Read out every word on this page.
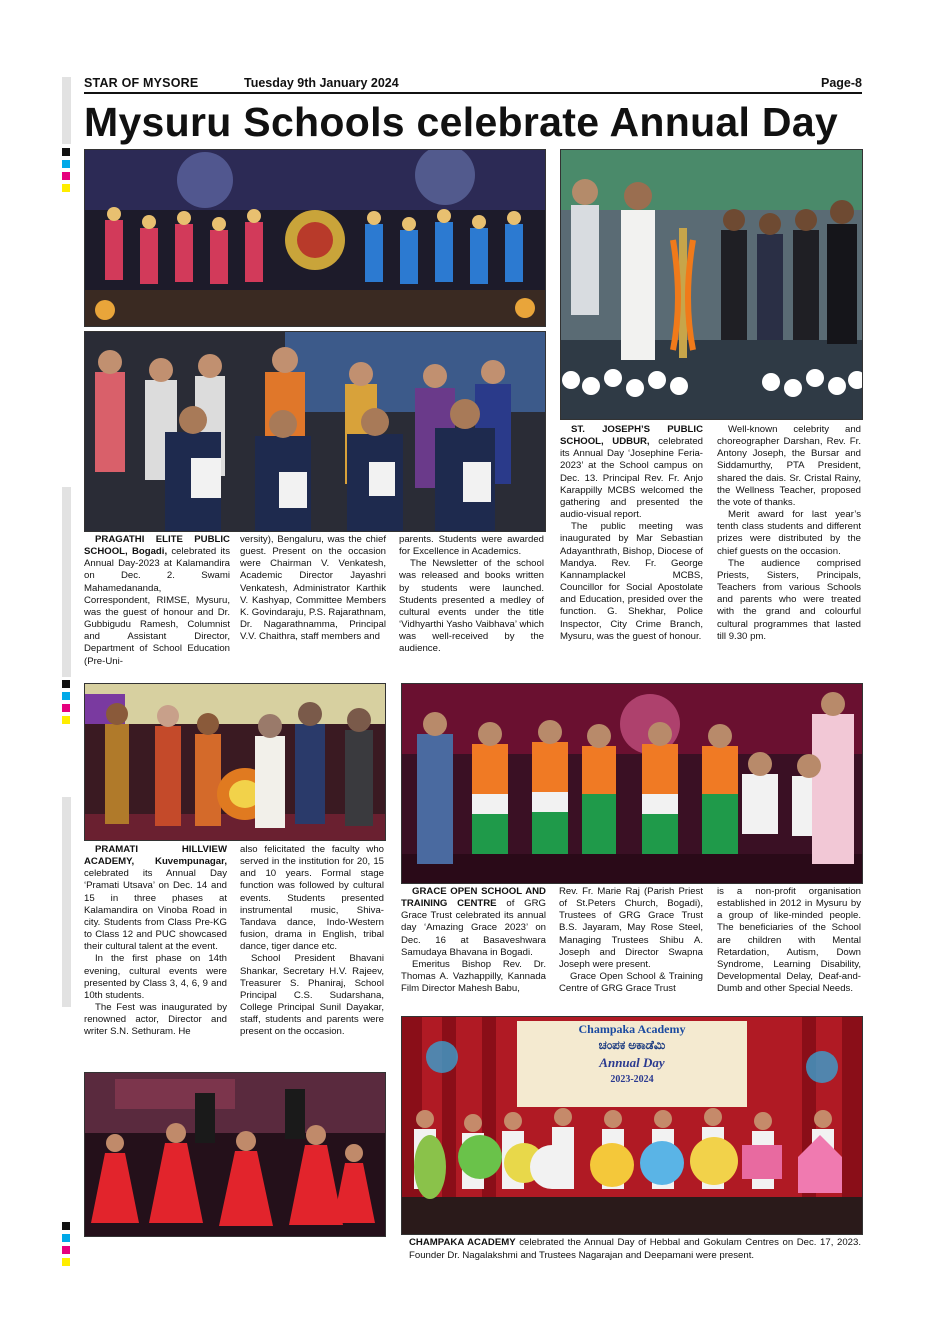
STAR OF MYSORE	Tuesday 9th January 2024	Page-8
Mysuru Schools celebrate Annual Day

PRAGATHI ELITE PUBLIC SCHOOL, Bogadi, celebrated its Annual Day-2023 at Kalamandira on Dec. 2. Swami Mahamedananda, Correspondent, RIMSE, Mysuru, was the guest of honour and Dr. Gubbigudu Ramesh, Columnist and Assistant Director, Department of School Education (Pre-Uni-

versity), Bengaluru, was the chief guest. Present on the occasion were Chairman V. Venkatesh, Academic Director Jayashri Venkatesh, Administrator Karthik V. Kashyap, Committee Members K. Govindaraju, P.S. Rajarathnam, Dr. Nagarathnamma, Principal V.V. Chaithra, staff members and

parents. Students were awarded for Excellence in Academics.

The Newsletter of the school was released and books written by students were launched. Students presented a medley of cultural events under the title ‘Vidhyarthi Yasho Vaibhava’ which was well-received by the audience.

ST. JOSEPH’S PUBLIC SCHOOL, UDBUR, celebrated its Annual Day ‘Josephine Feria-2023’ at the School campus on Dec. 13. Principal Rev. Fr. Anjo Karappilly MCBS welcomed the gathering and presented the audio-visual report.

The public meeting was inaugurated by Mar Sebastian Adayanthrath, Bishop, Diocese of Mandya. Rev. Fr. George Kannamplackel MCBS, Councillor for Social Apostolate and Education, presided over the function. G. Shekhar, Police Inspector, City Crime Branch, Mysuru, was the guest of honour.

Well-known celebrity and choreographer Darshan, Rev. Fr. Antony Joseph, the Bursar and Siddamurthy, PTA President, shared the dais. Sr. Cristal Rainy, the Wellness Teacher, proposed the vote of thanks.

Merit award for last year’s tenth class students and different prizes were distributed by the chief guests on the occasion.

The audience comprised Priests, Sisters, Principals, Teachers from various Schools and parents who were treated with the grand and colourful cultural programmes that lasted till 9.30 pm.

PRAMATI HILLVIEW ACADEMY, Kuvempunagar, celebrated its Annual Day ‘Pramati Utsava’ on Dec. 14 and 15 in three phases at Kalamandira on Vinoba Road in city. Students from Class Pre-KG to Class 12 and PUC showcased their cultural talent at the event.

In the first phase on 14th evening, cultural events were presented by Class 3, 4, 6, 9 and 10th students.

The Fest was inaugurated by renowned actor, Director and writer S.N. Sethuram. He

also felicitated the faculty who served in the institution for 20, 15 and 10 years. Formal stage function was followed by cultural events. Students presented instrumental music, Shiva-Tandava dance, Indo-Western fusion, drama in English, tribal dance, tiger dance etc.

School President Bhavani Shankar, Secretary H.V. Rajeev, Treasurer S. Phaniraj, School Principal C.S. Sudarshana, College Principal Sunil Dayakar, staff, students and parents were present on the occasion.

GRACE OPEN SCHOOL AND TRAINING CENTRE of GRG Grace Trust celebrated its annual day ‘Amazing Grace 2023’ on Dec. 16 at Basaveshwara Samudaya Bhavana in Bogadi.

Emeritus Bishop Rev. Dr. Thomas A. Vazhappilly, Kannada Film Director Mahesh Babu,

Rev. Fr. Marie Raj (Parish Priest of St.Peters Church, Bogadi), Trustees of GRG Grace Trust B.S. Jayaram, May Rose Steel, Managing Trustees Shibu A. Joseph and Director Swapna Joseph were present.

Grace Open School & Training Centre of GRG Grace Trust

is a non-profit organisation established in 2012 in Mysuru by a group of like-minded people. The beneficiaries of the School are children with Mental Retardation, Autism, Down Syndrome, Learning Disability, Developmental Delay, Deaf-and-Dumb and other Special Needs.

Champaka Academy
ಚಂಪಕ ಅಕಾಡೆಮಿ
Annual Day
2023-2024
CHAMPAKA ACADEMY celebrated the Annual Day of Hebbal and Gokulam Centres on Dec. 17, 2023. Founder Dr. Nagalakshmi and Trustees Nagarajan and Deepamani were present.
